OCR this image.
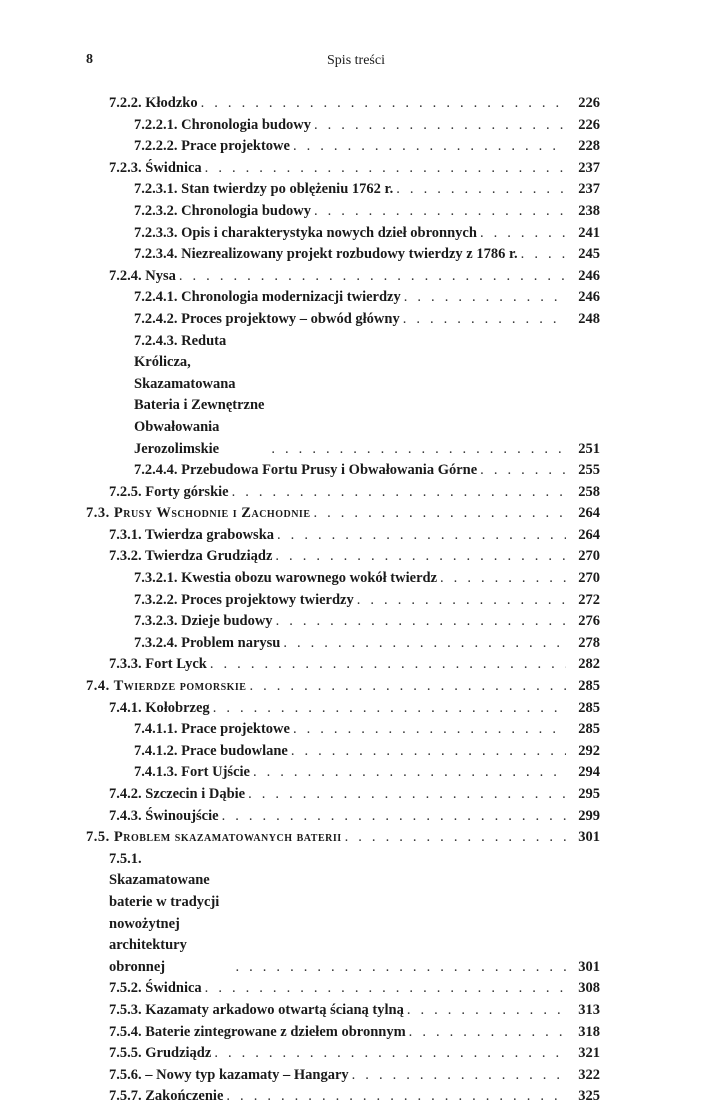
8	Spis treści
7.2.2. Kłodzko . . .	226
7.2.2.1. Chronologia budowy . . .	226
7.2.2.2. Prace projektowe . . .	228
7.2.3. Świdnica . . .	237
7.2.3.1. Stan twierdzy po oblężeniu 1762 r. . . .	237
7.2.3.2. Chronologia budowy . . .	238
7.2.3.3. Opis i charakterystyka nowych dzieł obronnych . . .	241
7.2.3.4. Niezrealizowany projekt rozbudowy twierdzy z 1786 r. . . .	245
7.2.4. Nysa . . .	246
7.2.4.1. Chronologia modernizacji twierdzy . . .	246
7.2.4.2. Proces projektowy – obwód główny . . .	248
7.2.4.3. Reduta Królicza, Skazamatowana Bateria i Zewnętrzne Obwałowania Jerozolimskie . . .	251
7.2.4.4. Przebudowa Fortu Prusy i Obwałowania Górne . . .	255
7.2.5. Forty górskie . . .	258
7.3. Prusy Wschodnie i Zachodnie . . .	264
7.3.1. Twierdza grabowska . . .	264
7.3.2. Twierdza Grudziądz . . .	270
7.3.2.1. Kwestia obozu warownego wokół twierdz . . .	270
7.3.2.2. Proces projektowy twierdzy . . .	272
7.3.2.3. Dzieje budowy . . .	276
7.3.2.4. Problem narysu . . .	278
7.3.3. Fort Lyck . . .	282
7.4. Twierdze pomorskie . . .	285
7.4.1. Kołobrzeg . . .	285
7.4.1.1. Prace projektowe . . .	285
7.4.1.2. Prace budowlane . . .	292
7.4.1.3. Fort Ujście . . .	294
7.4.2. Szczecin i Dąbie . . .	295
7.4.3. Świnoujście . . .	299
7.5. Problem skazamatowanych baterii . . .	301
7.5.1. Skazamatowane baterie w tradycji nowożytnej architektury obronnej . . .	301
7.5.2. Świdnica . . .	308
7.5.3. Kazamaty arkadowo otwartą ścianą tylną . . .	313
7.5.4. Baterie zintegrowane z dziełem obronnym . . .	318
7.5.5. Grudziądz . . .	321
7.5.6. – Nowy typ kazamaty – Hangary . . .	322
7.5.7. Zakończenie . . .	325
